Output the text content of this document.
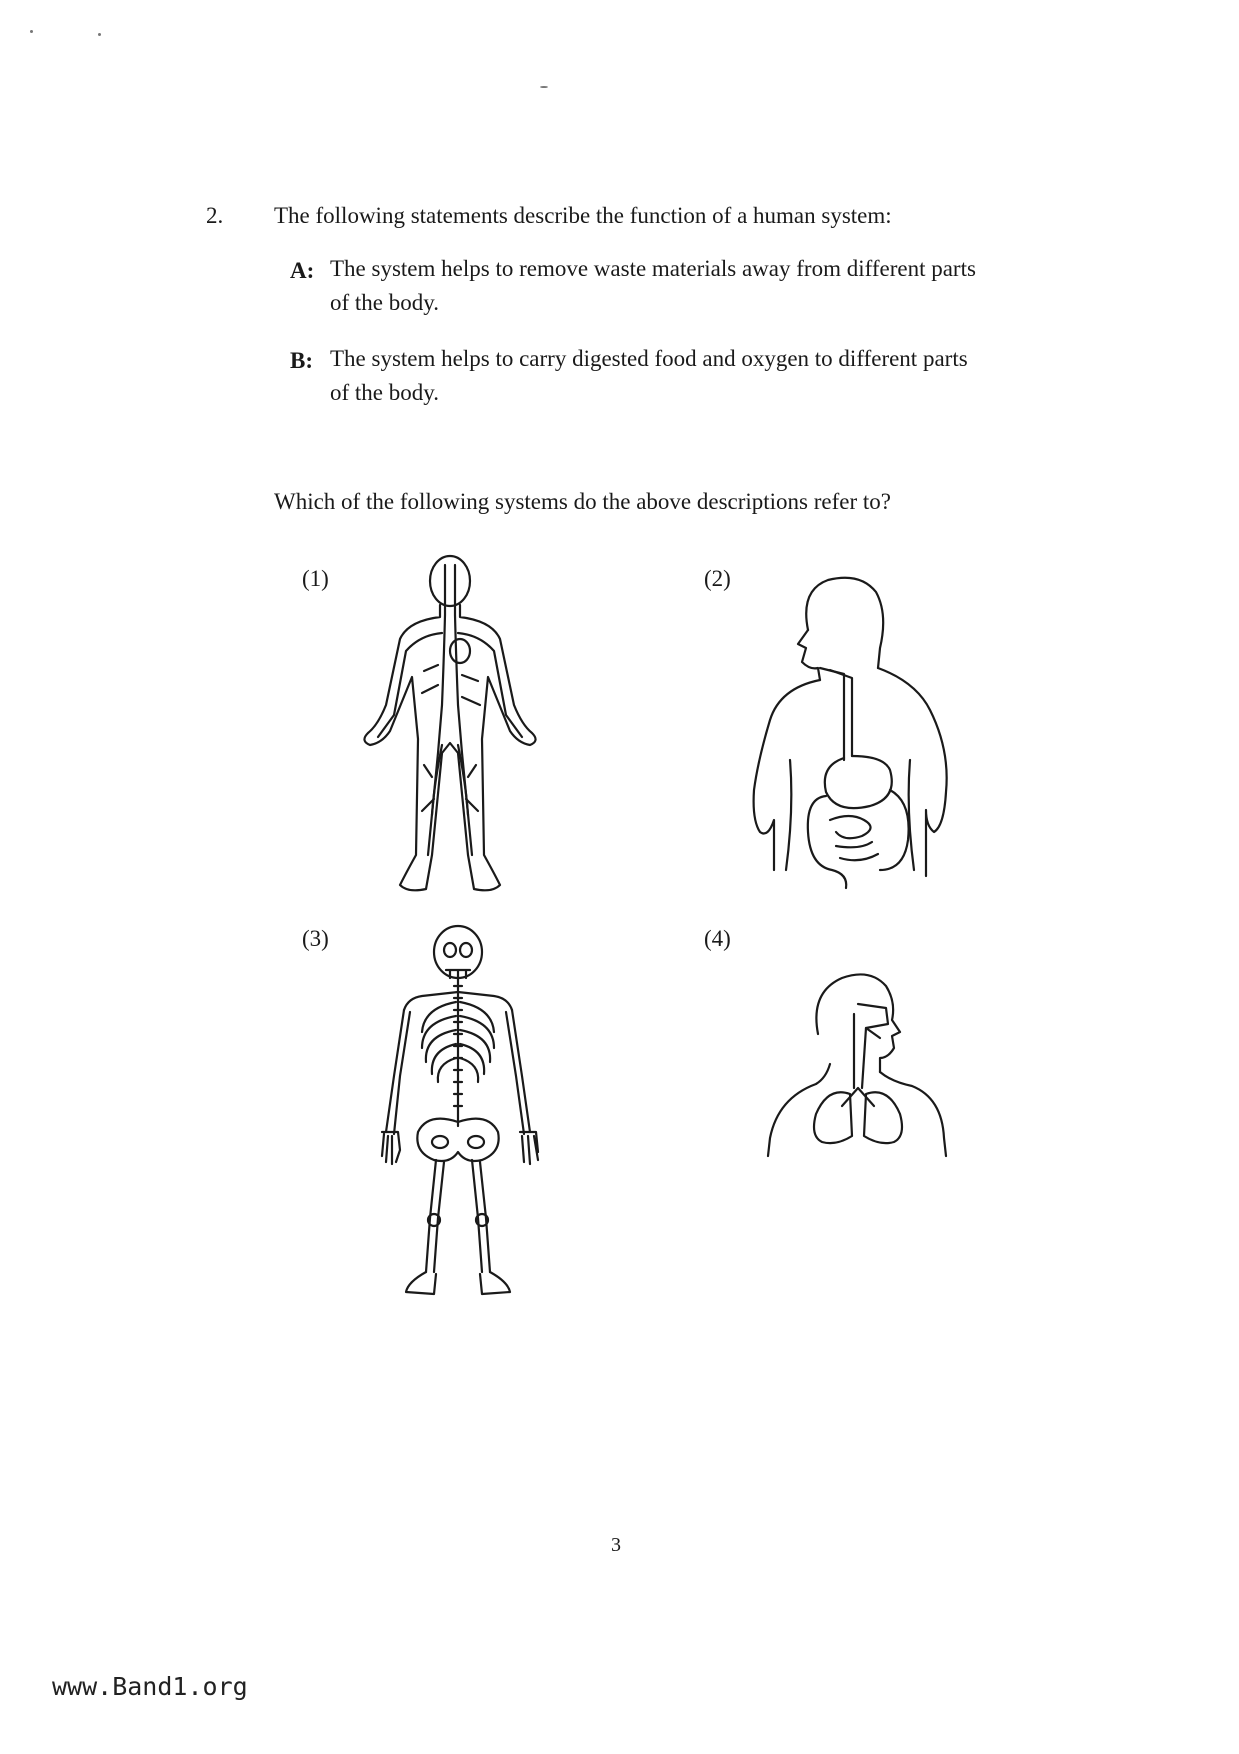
2. The following statements describe the function of a human system:
A: The system helps to remove waste materials away from different parts
of the body.
B: The system helps to carry digested food and oxygen to different parts
of the body.
Which of the following systems do the above descriptions refer to?
(1)	(2)
(3)	(4)
3
www.Band1.org
